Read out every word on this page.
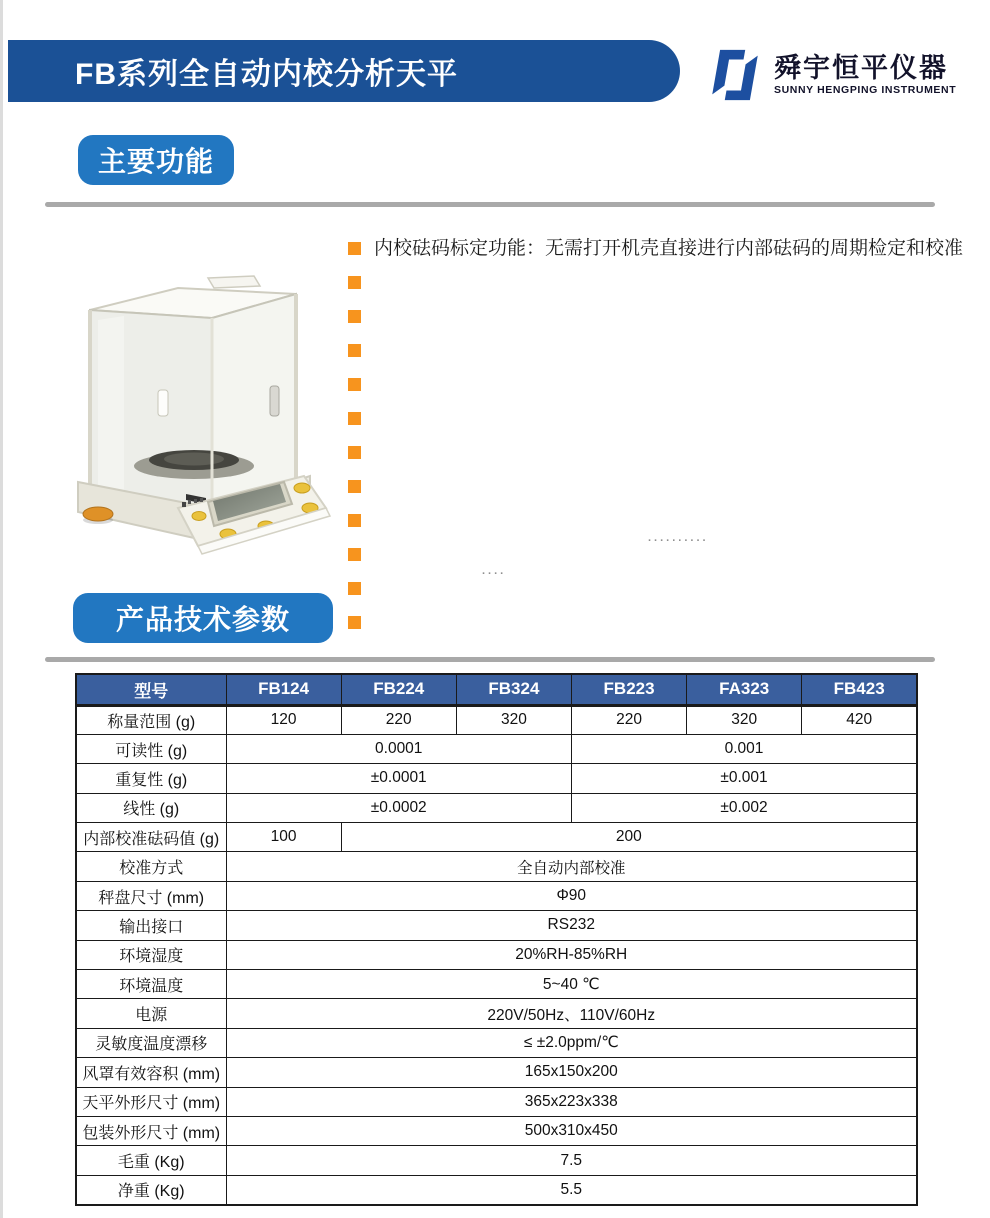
FB系列全自动内校分析天平	舜宇恒平仪器
SUNNY HENGPING INSTRUMENT
主要功能
内校砝码标定功能：无需打开机壳直接进行内部砝码的周期检定和校准
..........
....
产品技术参数
型号	FB124	FB224	FB324	FB223	FA323	FB423
称量范围 (g)	120	220	320	220	320	420
可读性 (g)	0.0001			0.001		
重复性 (g)	±0.0001			±0.001		
线性 (g)	±0.0002			±0.002		
内部校准砝码值 (g)	100	200				
校准方式	全自动内部校准					
秤盘尺寸 (mm)	Φ90					
输出接口	RS232					
环境湿度	20%RH-85%RH					
环境温度	5~40 ℃					
电源	220V/50Hz、110V/60Hz					
灵敏度温度漂移	≤ ±2.0ppm/℃					
风罩有效容积 (mm)	165x150x200					
天平外形尺寸 (mm)	365x223x338					
包装外形尺寸 (mm)	500x310x450					
毛重 (Kg)	7.5					
净重 (Kg)	5.5					
